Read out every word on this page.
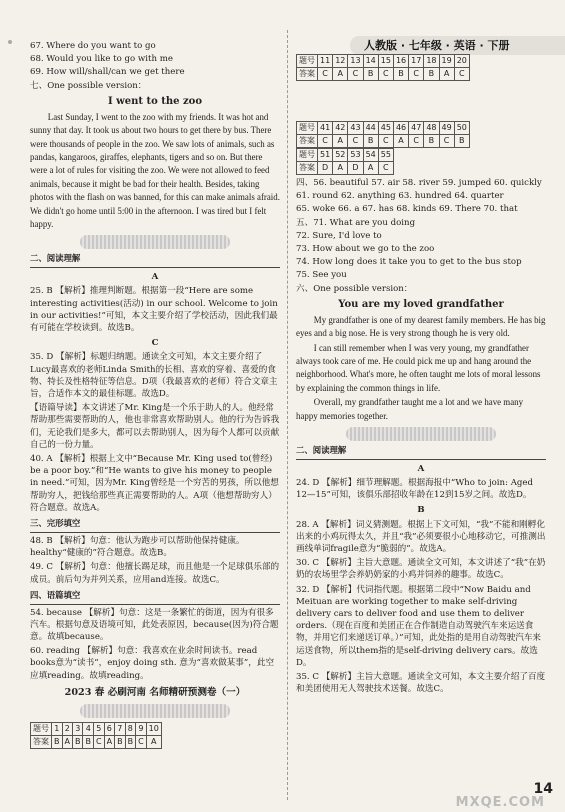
人教版 · 七年级 · 英语 · 下册

67. Where do you want to go

68. Would you like to go with me

69. How will/shall/can we get there

七、One possible version：

I went to the zoo

Last Sunday, I went to the zoo with my friends. It was hot and sunny that day. It took us about two hours to get there by bus. There were thousands of people in the zoo. We saw lots of animals, such as pandas, kangaroos, giraffes, elephants, tigers and so on. But there were a lot of rules for visiting the zoo. We were not allowed to feed animals, because it might be bad for their health. Besides, taking photos with the flash on was banned, for this can make animals afraid. We didn't go home until 5:00 in the afternoon. I was tired but I felt happy.

二、阅读理解
A

25. B 【解析】推理判断题。根据第一段“Here are some interesting activities(活动) in our school. Welcome to join in our activities!”可知，本文主要介绍了学校活动，因此我们最有可能在学校读到。故选B。

C

35. D 【解析】标题归纳题。通读全文可知，本文主要介绍了Lucy最喜欢的老师Linda Smith的长相、喜欢的穿着、喜爱的食物、特长及性格特征等信息。D项（我最喜欢的老师）符合文章主旨，合适作本文的最佳标题。故选D。

【语篇导读】本文讲述了Mr. King是一个乐于助人的人。他经常帮助那些需要帮助的人，他也非常喜欢帮助别人。他的行为告诉我们，无论我们是多大，都可以去帮助别人，因为每个人都可以贡献自己的一份力量。

40. A 【解析】根据上文中“Because Mr. King used to(曾经) be a poor boy.”和“He wants to give his money to people in need.”可知，因为Mr. King曾经是一个穷苦的男孩，所以他想帮助穷人，把钱给那些真正需要帮助的人。A项（他想帮助穷人）符合题意。故选A。

三、完形填空

48. B 【解析】句意：他认为跑步可以帮助他保持健康。healthy“健康的”符合题意。故选B。

49. C 【解析】句意：他擅长踢足球，而且他是一个足球俱乐部的成员。前后句为并列关系，应用and连接。故选C。

四、语篇填空

54. because 【解析】句意：这是一条繁忙的街道，因为有很多汽车。根据句意及语境可知，此处表原因，because(因为)符合题意。故填because。

60. reading 【解析】句意：我喜欢在业余时间读书。read books意为“读书”，enjoy doing sth. 意为“喜欢做某事”，此空应填reading。故填reading。

2023 春 必刷河南 名师精研预测卷（一）
题号	1	2	3	4	5	6	7	8	9	10
答案	B	A	B	B	C	A	B	B	C	A
题号	11	12	13	14	15	16	17	18	19	20
答案	C	A	C	B	C	B	C	B	A	C
题号	41	42	43	44	45	46	47	48	49	50
答案	C	A	C	B	C	A	C	B	C	B
题号	51	52	53	54	55
答案	D	A	D	A	C

四、56. beautiful 57. air 58. river 59. jumped 60. quickly

61. round 62. anything 63. hundred 64. quarter

65. woke 66. a 67. has 68. kinds 69. There 70. that

五、71. What are you doing

72. Sure, I'd love to

73. How about we go to the zoo

74. How long does it take you to get to the bus stop

75. See you

六、One possible version：

You are my loved grandfather

My grandfather is one of my dearest family members. He has big eyes and a big nose. He is very strong though he is very old.

I can still remember when I was very young, my grandfather always took care of me. He could pick me up and hang around the neighborhood. What's more, he often taught me lots of moral lessons by explaining the common things in life.

Overall, my grandfather taught me a lot and we have many happy memories together.

二、阅读理解
A

24. D 【解析】细节理解题。根据海报中“Who to join: Aged 12—15”可知，该俱乐部招收年龄在12到15岁之间。故选D。

B

28. A 【解析】词义猜测题。根据上下文可知，“我”不能和刚孵化出来的小鸡玩得太久，并且“我”必须要很小心地移动它，可推测出画线单词fragile意为“脆弱的”。故选A。

30. C 【解析】主旨大意题。通读全文可知，本文讲述了“我”在奶奶的农场里学会养奶奶家的小鸡并饲养的趣事。故选C。

32. D 【解析】代词指代题。根据第二段中“Now Baidu and Meituan are working together to make self-driving delivery cars to deliver food and use them to deliver orders.（现在百度和美团正在合作制造自动驾驶汽车来运送食物，并用它们来递送订单。）”可知，此处指的是用自动驾驶汽车来运送食物，所以them指的是self-driving delivery cars。故选D。

35. C 【解析】主旨大意题。通读全文可知，本文主要介绍了百度和美团使用无人驾驶技术送餐。故选C。

MXQE.COM
14
